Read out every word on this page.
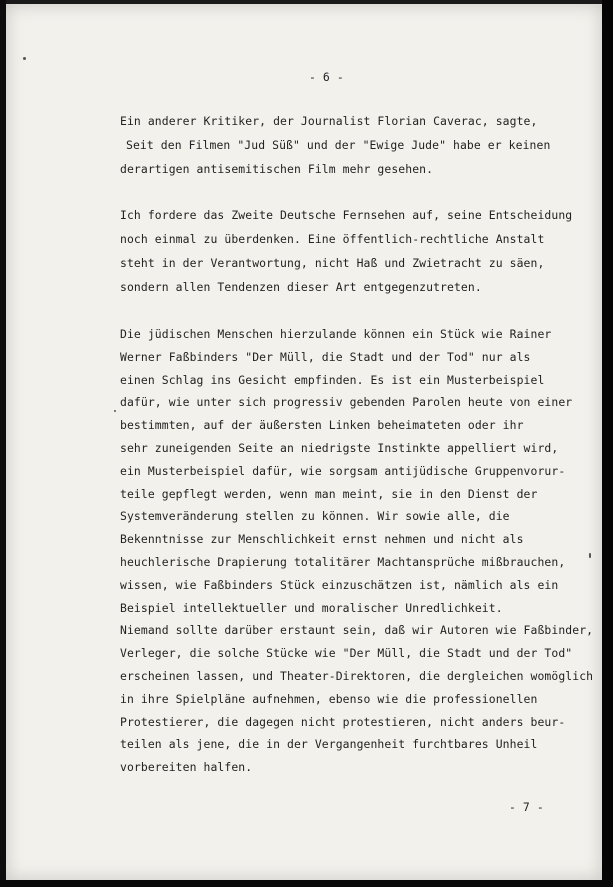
- 6 -

Ein anderer Kritiker, der Journalist Florian Caverac, sagte,

Seit den Filmen "Jud Süß" und der "Ewige Jude" habe er keinen

derartigen antisemitischen Film mehr gesehen.

Ich fordere das Zweite Deutsche Fernsehen auf, seine Entscheidung

noch einmal zu überdenken. Eine öffentlich-rechtliche Anstalt

steht in der Verantwortung, nicht Haß und Zwietracht zu säen,

sondern allen Tendenzen dieser Art entgegenzutreten.

Die jüdischen Menschen hierzulande können ein Stück wie Rainer

Werner Faßbinders "Der Müll, die Stadt und der Tod" nur als

einen Schlag ins Gesicht empfinden. Es ist ein Musterbeispiel

dafür, wie unter sich progressiv gebenden Parolen heute von einer

bestimmten, auf der äußersten Linken beheimateten oder ihr

sehr zuneigenden Seite an niedrigste Instinkte appelliert wird,

ein Musterbeispiel dafür, wie sorgsam antijüdische Gruppenvorur-

teile gepflegt werden, wenn man meint, sie in den Dienst der

Systemveränderung stellen zu können. Wir sowie alle, die

Bekenntnisse zur Menschlichkeit ernst nehmen und nicht als

heuchlerische Drapierung totalitärer Machtansprüche mißbrauchen,

wissen, wie Faßbinders Stück einzuschätzen ist, nämlich als ein

Beispiel intellektueller und moralischer Unredlichkeit.

Niemand sollte darüber erstaunt sein, daß wir Autoren wie Faßbinder,

Verleger, die solche Stücke wie "Der Müll, die Stadt und der Tod"

erscheinen lassen, und Theater-Direktoren, die dergleichen womöglich

in ihre Spielpläne aufnehmen, ebenso wie die professionellen

Protestierer, die dagegen nicht protestieren, nicht anders beur-

teilen als jene, die in der Vergangenheit furchtbares Unheil

vorbereiten halfen.

- 7 -
